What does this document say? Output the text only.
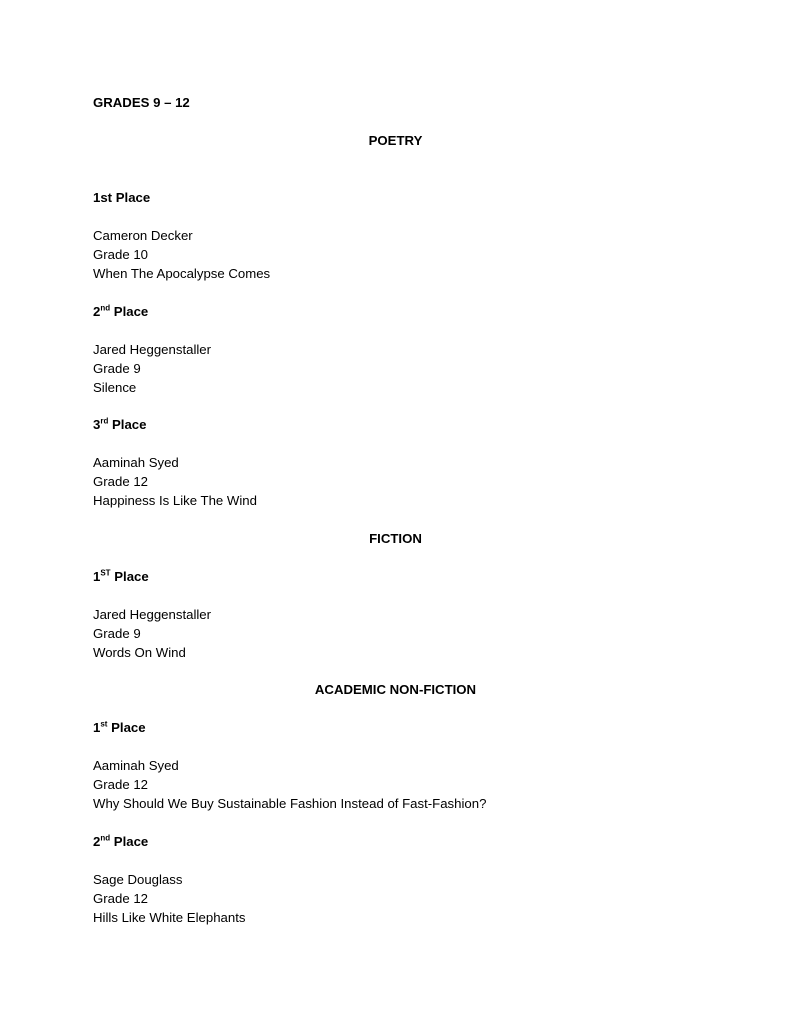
GRADES 9 – 12
POETRY
1st Place
Cameron Decker
Grade 10
When The Apocalypse Comes
2nd Place
Jared Heggenstaller
Grade 9
Silence
3rd Place
Aaminah Syed
Grade 12
Happiness Is Like The Wind
FICTION
1ST Place
Jared Heggenstaller
Grade 9
Words On Wind
ACADEMIC NON-FICTION
1st Place
Aaminah Syed
Grade 12
Why Should We Buy Sustainable Fashion Instead of Fast-Fashion?
2nd Place
Sage Douglass
Grade 12
Hills Like White Elephants
